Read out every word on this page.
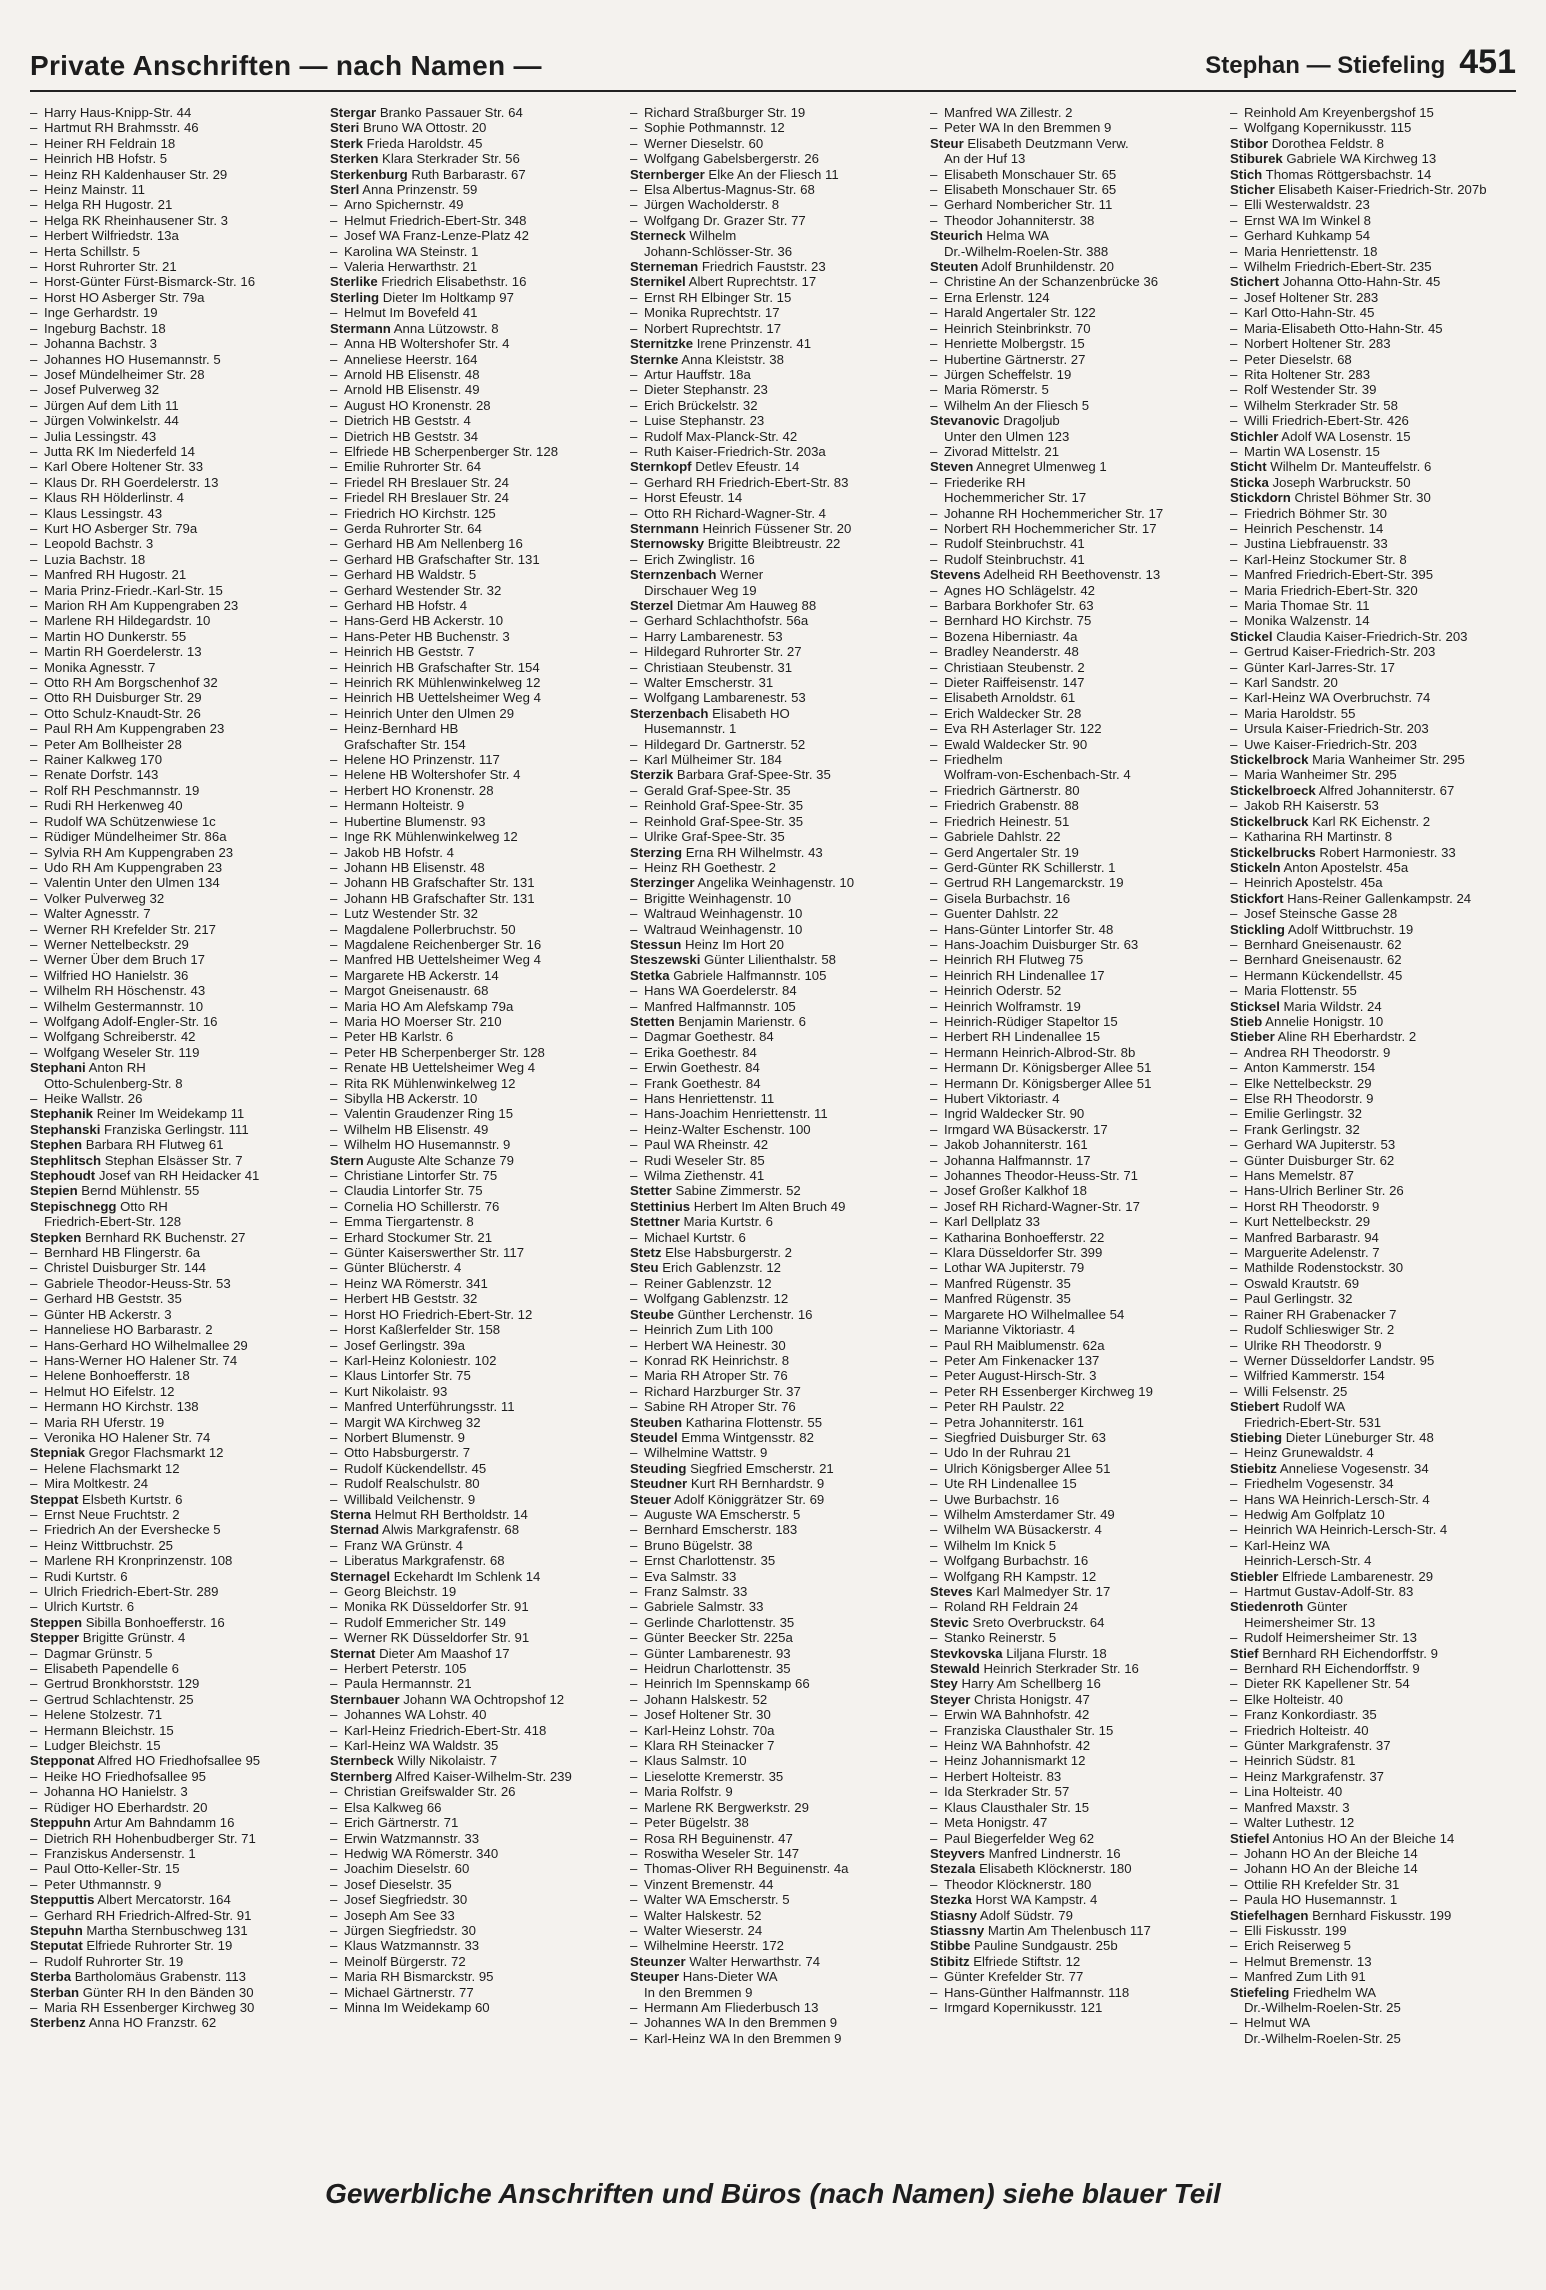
Private Anschriften — nach Namen —	Stephan — Stiefeling 451
– Harry Haus-Knipp-Str. 44
– Hartmut RH Brahmsstr. 46
– Heiner RH Feldrain 18
– Heinrich HB Hofstr. 5
– Heinz RH Kaldenhauser Str. 29
– Heinz Mainstr. 11
– Helga RH Hugostr. 21
– Helga RK Rheinhausener Str. 3
– Herbert Wilfriedstr. 13a
– Herta Schillstr. 5
– Horst Ruhrorter Str. 21
– Horst-Günter Fürst-Bismarck-Str. 16
– Horst HO Asberger Str. 79a
– Inge Gerhardstr. 19
– Ingeburg Bachstr. 18
– Johanna Bachstr. 3
– Johannes HO Husemannstr. 5
– Josef Mündelheimer Str. 28
– Josef Pulverweg 32
– Jürgen Auf dem Lith 11
– Jürgen Volwinkelstr. 44
– Julia Lessingstr. 43
– Jutta RK Im Niederfeld 14
– Karl Obere Holtener Str. 33
– Klaus Dr. RH Goerdelerstr. 13
– Klaus RH Hölderlinstr. 4
– Klaus Lessingstr. 43
– Kurt HO Asberger Str. 79a
– Leopold Bachstr. 3
– Luzia Bachstr. 18
– Manfred RH Hugostr. 21
– Maria Prinz-Friedr.-Karl-Str. 15
– Marion RH Am Kuppengraben 23
– Marlene RH Hildegardstr. 10
– Martin HO Dunkerstr. 55
– Martin RH Goerdelerstr. 13
– Monika Agnesstr. 7
– Otto RH Am Borgschenhof 32
– Otto RH Duisburger Str. 29
– Otto Schulz-Knaudt-Str. 26
– Paul RH Am Kuppengraben 23
– Peter Am Bollheister 28
– Rainer Kalkweg 170
– Renate Dorfstr. 143
– Rolf RH Peschmannstr. 19
– Rudi RH Herkenweg 40
– Rudolf WA Schützenwiese 1c
– Rüdiger Mündelheimer Str. 86a
– Sylvia RH Am Kuppengraben 23
– Udo RH Am Kuppengraben 23
– Valentin Unter den Ulmen 134
– Volker Pulverweg 32
– Walter Agnesstr. 7
– Werner RH Krefelder Str. 217
– Werner Nettelbeckstr. 29
– Werner Über dem Bruch 17
– Wilfried HO Hanielstr. 36
– Wilhelm RH Höschenstr. 43
– Wilhelm Gestermannstr. 10
– Wolfgang Adolf-Engler-Str. 16
– Wolfgang Schreiberstr. 42
– Wolfgang Weseler Str. 119
Stephani Anton RH
Otto-Schulenberg-Str. 8
– Heike Wallstr. 26
Stephanik Reiner Im Weidekamp 11
Stephanski Franziska Gerlingstr. 111
Stephen Barbara RH Flutweg 61
Stephlitsch Stephan Elsässer Str. 7
Stephoudt Josef van RH Heidacker 41
Stepien Bernd Mühlenstr. 55
Stepischnegg Otto RH
Friedrich-Ebert-Str. 128
Stepken Bernhard RK Buchenstr. 27
– Bernhard HB Flingerstr. 6a
– Christel Duisburger Str. 144
– Gabriele Theodor-Heuss-Str. 53
– Gerhard HB Geststr. 35
– Günter HB Ackerstr. 3
– Hanneliese HO Barbarastr. 2
– Hans-Gerhard HO Wilhelmallee 29
– Hans-Werner HO Halener Str. 74
– Helene Bonhoefferstr. 18
– Helmut HO Eifelstr. 12
– Hermann HO Kirchstr. 138
– Maria RH Uferstr. 19
– Veronika HO Halener Str. 74
Stepniak Gregor Flachsmarkt 12
– Helene Flachsmarkt 12
– Mira Moltkestr. 24
Steppat Elsbeth Kurtstr. 6
– Ernst Neue Fruchtstr. 2
– Friedrich An der Eversheckе 5
– Heinz Wittbruchstr. 25
– Marlene RH Kronprinzenstr. 108
– Rudi Kurtstr. 6
– Ulrich Friedrich-Ebert-Str. 289
– Ulrich Kurtstr. 6
Steppen Sibilla Bonhoefferstr. 16
Stepper Brigitte Grünstr. 4
– Dagmar Grünstr. 5
– Elisabeth Papendelle 6
– Gertrud Bronkhorststr. 129
– Gertrud Schlachtenstr. 25
– Helene Stolzestr. 71
– Hermann Bleichstr. 15
– Ludger Bleichstr. 15
Stepponat Alfred HO Friedhofsallee 95
– Heike HO Friedhofsallee 95
– Johanna HO Hanielstr. 3
– Rüdiger HO Eberhardstr. 20
Steppuhn Artur Am Bahndamm 16
– Dietrich RH Hohenbudberger Str. 71
– Franziskus Andersenstr. 1
– Paul Otto-Keller-Str. 15
– Peter Uthmannstr. 9
Stepputtis Albert Mercatorstr. 164
– Gerhard RH Friedrich-Alfred-Str. 91
Stepuhn Martha Sternbuschweg 131
Steputat Elfriede Ruhrorter Str. 19
– Rudolf Ruhrorter Str. 19
Sterba Bartholomäus Grabenstr. 113
Sterban Günter RH In den Bänden 30
– Maria RH Essenberger Kirchweg 30
Sterbenz Anna HO Franzstr. 62
Stergar Branko Passauer Str. 64
Steri Bruno WA Ottostr. 20
Sterk Frieda Haroldstr. 45
Sterken Klara Sterkrader Str. 56
Sterkenburg Ruth Barbarastr. 67
Sterl Anna Prinzenstr. 59
– Arno Spichernstr. 49
– Helmut Friedrich-Ebert-Str. 348
– Josef WA Franz-Lenze-Platz 42
– Karolina WA Steinstr. 1
– Valeria Herwarthstr. 21
Sterlike Friedrich Elisabethstr. 16
Sterling Dieter Im Holtkamp 97
– Helmut Im Bovefeld 41
Stermann Anna Lützowstr. 8
– Anna HB Woltershofer Str. 4
– Anneliese Heerstr. 164
– Arnold HB Elisenstr. 48
– Arnold HB Elisenstr. 49
– August HO Kronenstr. 28
– Dietrich HB Geststr. 4
– Dietrich HB Geststr. 34
– Elfriede HB Scherpenberger Str. 128
– Emilie Ruhrorter Str. 64
– Friedel RH Breslauer Str. 24
– Friedel RH Breslauer Str. 24
– Friedrich HO Kirchstr. 125
– Gerda Ruhrorter Str. 64
– Gerhard HB Am Nellenberg 16
– Gerhard HB Grafschafter Str. 131
– Gerhard HB Waldstr. 5
– Gerhard Westender Str. 32
– Gerhard HB Hofstr. 4
– Hans-Gerd HB Ackerstr. 10
– Hans-Peter HB Buchenstr. 3
– Heinrich HB Geststr. 7
– Heinrich HB Grafschafter Str. 154
– Heinrich RK Mühlenwinkelweg 12
– Heinrich HB Uettelsheimer Weg 4
– Heinrich Unter den Ulmen 29
– Heinz-Bernhard HB
Grafschafter Str. 154
– Helene HO Prinzenstr. 117
– Helene HB Woltershofer Str. 4
– Herbert HO Kronenstr. 28
– Hermann Holteistr. 9
– Hubertine Blumenstr. 93
– Inge RK Mühlenwinkelweg 12
– Jakob HB Hofstr. 4
– Johann HB Elisenstr. 48
– Johann HB Grafschafter Str. 131
– Johann HB Grafschafter Str. 131
– Lutz Westender Str. 32
– Magdalene Pollerbruchstr. 50
– Magdalene Reichenberger Str. 16
– Manfred HB Uettelsheimer Weg 4
– Margarete HB Ackerstr. 14
– Margot Gneisenaustr. 68
– Maria HO Am Alefskamp 79a
– Maria HO Moerser Str. 210
– Peter HB Karlstr. 6
– Peter HB Scherpenberger Str. 128
– Renate HB Uettelsheimer Weg 4
– Rita RK Mühlenwinkelweg 12
– Sibylla HB Ackerstr. 10
– Valentin Graudenzer Ring 15
– Wilhelm HB Elisenstr. 49
– Wilhelm HO Husemannstr. 9
Stern Auguste Alte Schanze 79
– Christiane Lintorfer Str. 75
– Claudia Lintorfer Str. 75
– Cornelia HO Schillerstr. 76
– Emma Tiergartenstr. 8
– Erhard Stockumer Str. 21
– Günter Kaiserswerther Str. 117
– Günter Blücherstr. 4
– Heinz WA Römerstr. 341
– Herbert HB Geststr. 32
– Horst HO Friedrich-Ebert-Str. 12
– Horst Kaßlerfelder Str. 158
– Josef Gerlingstr. 39a
– Karl-Heinz Koloniestr. 102
– Klaus Lintorfer Str. 75
– Kurt Nikolaistr. 93
– Manfred Unterführungsstr. 11
– Margit WA Kirchweg 32
– Norbert Blumenstr. 9
– Otto Habsburgerstr. 7
– Rudolf Kückendellstr. 45
– Rudolf Realschulstr. 80
– Willibald Veilchenstr. 9
Sterna Helmut RH Bertholdstr. 14
Sternad Alwis Markgrafenstr. 68
– Franz WA Grünstr. 4
– Liberatus Markgrafenstr. 68
Sternagel Eckehardt Im Schlenk 14
– Georg Bleichstr. 19
– Monika RK Düsseldorfer Str. 91
– Rudolf Emmericher Str. 149
– Werner RK Düsseldorfer Str. 91
Sternat Dieter Am Maashof 17
– Herbert Peterstr. 105
– Paula Hermannstr. 21
Sternbauer Johann WA Ochtropshof 12
– Johannes WA Lohstr. 40
– Karl-Heinz Friedrich-Ebert-Str. 418
– Karl-Heinz WA Waldstr. 35
Sternbeck Willy Nikolaistr. 7
Sternberg Alfred Kaiser-Wilhelm-Str. 239
– Christian Greifswalder Str. 26
– Elsa Kalkweg 66
– Erich Gärtnerstr. 71
– Erwin Watzmannstr. 33
– Hedwig WA Römerstr. 340
– Joachim Dieselstr. 60
– Josef Dieselstr. 35
– Josef Siegfriedstr. 30
– Joseph Am See 33
– Jürgen Siegfriedstr. 30
– Klaus Watzmannstr. 33
– Meinolf Bürgerstr. 72
– Maria RH Bismarckstr. 95
– Michael Gärtnerstr. 77
– Minna Im Weidekamp 60
– Richard Straßburger Str. 19
– Sophie Pothmannstr. 12
– Werner Dieselstr. 60
– Wolfgang Gabelsbergerstr. 26
Sternberger Elke An der Fliesch 11
– Elsa Albertus-Magnus-Str. 68
– Jürgen Wacholderstr. 8
– Wolfgang Dr. Grazer Str. 77
Sterneck Wilhelm
Johann-Schlösser-Str. 36
Sterneman Friedrich Fauststr. 23
Sternikel Albert Ruprechtstr. 17
– Ernst RH Elbinger Str. 15
– Monika Ruprechtstr. 17
– Norbert Ruprechtstr. 17
Sternitzke Irene Prinzenstr. 41
Sternke Anna Kleiststr. 38
– Artur Hauffstr. 18a
– Dieter Stephanstr. 23
– Erich Brückelstr. 32
– Luise Stephanstr. 23
– Rudolf Max-Planck-Str. 42
– Ruth Kaiser-Friedrich-Str. 203a
Sternkopf Detlev Efeustr. 14
– Gerhard RH Friedrich-Ebert-Str. 83
– Horst Efeustr. 14
– Otto RH Richard-Wagner-Str. 4
Sternmann Heinrich Füssener Str. 20
Sternowsky Brigitte Bleibtreustr. 22
– Erich Zwinglistr. 16
Sternzenbach Werner
Dirschauer Weg 19
Sterzel Dietmar Am Hauweg 88
– Gerhard Schlachthofstr. 56a
– Harry Lambarenestr. 53
– Hildegard Ruhrorter Str. 27
– Christiaan Steubenstr. 31
– Walter Emscherstr. 31
– Wolfgang Lambarenestr. 53
Sterzenbach Elisabeth HO
Husemannstr. 1
– Hildegard Dr. Gartnerstr. 52
– Karl Mülheimer Str. 184
Sterzik Barbara Graf-Spee-Str. 35
– Gerald Graf-Spee-Str. 35
– Reinhold Graf-Spee-Str. 35
– Reinhold Graf-Spee-Str. 35
– Ulrike Graf-Spee-Str. 35
Sterzing Erna RH Wilhelmstr. 43
– Heinz RH Goethestr. 2
Sterzinger Angelika Weinhagenstr. 10
– Brigitte Weinhagenstr. 10
– Waltraud Weinhagenstr. 10
– Waltraud Weinhagenstr. 10
Stessun Heinz Im Hort 20
Steszewski Günter Lilienthalstr. 58
Stetka Gabriele Halfmannstr. 105
– Hans WA Goerdelerstr. 84
– Manfred Halfmannstr. 105
Stetten Benjamin Marienstr. 6
– Dagmar Goethestr. 84
– Erika Goethestr. 84
– Erwin Goethestr. 84
– Frank Goethestr. 84
– Hans Henriettenstr. 11
– Hans-Joachim Henriettenstr. 11
– Heinz-Walter Eschenstr. 100
– Paul WA Rheinstr. 42
– Rudi Weseler Str. 85
– Wilma Ziethenstr. 41
Stetter Sabine Zimmerstr. 52
Stettinius Herbert Im Alten Bruch 49
Stettner Maria Kurtstr. 6
– Michael Kurtstr. 6
Stetz Else Habsburgerstr. 2
Steu Erich Gablenzstr. 12
– Reiner Gablenzstr. 12
– Wolfgang Gablenzstr. 12
Steube Günther Lerchenstr. 16
– Heinrich Zum Lith 100
– Herbert WA Heinestr. 30
– Konrad RK Heinrichstr. 8
– Maria RH Atroper Str. 76
– Richard Harzburger Str. 37
– Sabine RH Atroper Str. 76
Steuben Katharina Flottenstr. 55
Steudel Emma Wintgensstr. 82
– Wilhelmine Wattstr. 9
Steuding Siegfried Emscherstr. 21
Steudner Kurt RH Bernhardstr. 9
Steuer Adolf Königgrätzer Str. 69
– Auguste WA Emscherstr. 5
– Bernhard Emscherstr. 183
– Bruno Bügelstr. 38
– Ernst Charlottenstr. 35
– Eva Salmstr. 33
– Franz Salmstr. 33
– Gabriele Salmstr. 33
– Gerlinde Charlottenstr. 35
– Günter Beecker Str. 225a
– Günter Lambarenestr. 93
– Heidrun Charlottenstr. 35
– Heinrich Im Spennskamp 66
– Johann Halskestr. 52
– Josef Holtener Str. 30
– Karl-Heinz Lohstr. 70a
– Klara RH Steinacker 7
– Klaus Salmstr. 10
– Lieselotte Kremerstr. 35
– Maria Rolfstr. 9
– Marlene RK Bergwerkstr. 29
– Peter Bügelstr. 38
– Rosa RH Beguinenstr. 47
– Roswitha Weseler Str. 147
– Thomas-Oliver RH Beguinenstr. 4a
– Vinzent Bremenstr. 44
– Walter WA Emscherstr. 5
– Walter Halskestr. 52
– Walter Wieserstr. 24
– Wilhelmine Heerstr. 172
Steunzer Walter Herwarthstr. 74
Steuper Hans-Dieter WA
In den Bremmen 9
– Hermann Am Fliederbusch 13
– Johannes WA In den Bremmen 9
– Karl-Heinz WA In den Bremmen 9
– Manfred WA Zillestr. 2
– Peter WA In den Bremmen 9
Steur Elisabeth Deutzmann Verw.
An der Huf 13
– Elisabeth Monschauer Str. 65
– Elisabeth Monschauer Str. 65
– Gerhard Nombericher Str. 11
– Theodor Johanniterstr. 38
Steurich Helma WA
Dr.-Wilhelm-Roelen-Str. 388
Steuten Adolf Brunhildenstr. 20
– Christine An der Schanzenbrücke 36
– Erna Erlenstr. 124
– Harald Angertaler Str. 122
– Heinrich Steinbrinkstr. 70
– Henriette Molbergstr. 15
– Hubertine Gärtnerstr. 27
– Jürgen Scheffelstr. 19
– Maria Römerstr. 5
– Wilhelm An der Fliesch 5
Stevanovic Dragoljub
Unter den Ulmen 123
– Zivorad Mittelstr. 21
Steven Annegret Ulmenweg 1
– Friederike RH
Hochemmericher Str. 17
– Johanne RH Hochemmericher Str. 17
– Norbert RH Hochemmericher Str. 17
– Rudolf Steinbruchstr. 41
– Rudolf Steinbruchstr. 41
Stevens Adelheid RH Beethovenstr. 13
– Agnes HO Schlägelstr. 42
– Barbara Borkhofer Str. 63
– Bernhard HO Kirchstr. 75
– Bozena Hiberniastr. 4a
– Bradley Neanderstr. 48
– Christiaan Steubenstr. 2
– Dieter Raiffeisenstr. 147
– Elisabeth Arnoldstr. 61
– Erich Waldecker Str. 28
– Eva RH Asterlager Str. 122
– Ewald Waldecker Str. 90
– Friedhelm
Wolfram-von-Eschenbach-Str. 4
– Friedrich Gärtnerstr. 80
– Friedrich Grabenstr. 88
– Friedrich Heinestr. 51
– Gabriele Dahlstr. 22
– Gerd Angertaler Str. 19
– Gerd-Günter RK Schillerstr. 1
– Gertrud RH Langemarckstr. 19
– Gisela Burbachstr. 16
– Guenter Dahlstr. 22
– Hans-Günter Lintorfer Str. 48
– Hans-Joachim Duisburger Str. 63
– Heinrich RH Flutweg 75
– Heinrich RH Lindenallee 17
– Heinrich Oderstr. 52
– Heinrich Wolframstr. 19
– Heinrich-Rüdiger Stapeltor 15
– Herbert RH Lindenallee 15
– Hermann Heinrich-Albrod-Str. 8b
– Hermann Dr. Königsberger Allee 51
– Hermann Dr. Königsberger Allee 51
– Hubert Viktoriastr. 4
– Ingrid Waldecker Str. 90
– Irmgard WA Büsackerstr. 17
– Jakob Johanniterstr. 161
– Johanna Halfmannstr. 17
– Johannes Theodor-Heuss-Str. 71
– Josef Großer Kalkhof 18
– Josef RH Richard-Wagner-Str. 17
– Karl Dellplatz 33
– Katharina Bonhoefferstr. 22
– Klara Düsseldorfer Str. 399
– Lothar WA Jupiterstr. 79
– Manfred Rügenstr. 35
– Manfred Rügenstr. 35
– Margarete HO Wilhelmallee 54
– Marianne Viktoriastr. 4
– Paul RH Maiblumenstr. 62a
– Peter Am Finkenacker 137
– Peter August-Hirsch-Str. 3
– Peter RH Essenberger Kirchweg 19
– Peter RH Paulstr. 22
– Petra Johanniterstr. 161
– Siegfried Duisburger Str. 63
– Udo In der Ruhrau 21
– Ulrich Königsberger Allee 51
– Ute RH Lindenallee 15
– Uwe Burbachstr. 16
– Wilhelm Amsterdamer Str. 49
– Wilhelm WA Büsackerstr. 4
– Wilhelm Im Knick 5
– Wolfgang Burbachstr. 16
– Wolfgang RH Kampstr. 12
Steves Karl Malmedyer Str. 17
– Roland RH Feldrain 24
Stevic Sreto Overbruckstr. 64
– Stanko Reinerstr. 5
Stevkovska Liljana Flurstr. 18
Stewald Heinrich Sterkrader Str. 16
Stey Harry Am Schellberg 16
Steyer Christa Honigstr. 47
– Erwin WA Bahnhofstr. 42
– Franziska Clausthaler Str. 15
– Heinz WA Bahnhofstr. 42
– Heinz Johannismarkt 12
– Herbert Holteistr. 83
– Ida Sterkrader Str. 57
– Klaus Clausthaler Str. 15
– Meta Honigstr. 47
– Paul Biegerfelder Weg 62
Steyvers Manfred Lindnerstr. 16
Stezala Elisabeth Klöcknerstr. 180
– Theodor Klöcknerstr. 180
Stezka Horst WA Kampstr. 4
Stiasny Adolf Südstr. 79
Stiassny Martin Am Thelenbusch 117
Stibbe Pauline Sundgaustr. 25b
Stibitz Elfriede Stiftstr. 12
– Günter Krefelder Str. 77
– Hans-Günther Halfmannstr. 118
– Irmgard Kopernikusstr. 121
– Reinhold Am Kreyenbergshof 15
– Wolfgang Kopernikusstr. 115
Stibor Dorothea Feldstr. 8
Stiburek Gabriele WA Kirchweg 13
Stich Thomas Röttgersbachstr. 14
Sticher Elisabeth Kaiser-Friedrich-Str. 207b
– Elli Westerwaldstr. 23
– Ernst WA Im Winkel 8
– Gerhard Kuhkamp 54
– Maria Henriettenstr. 18
– Wilhelm Friedrich-Ebert-Str. 235
Stichert Johanna Otto-Hahn-Str. 45
– Josef Holtener Str. 283
– Karl Otto-Hahn-Str. 45
– Maria-Elisabeth Otto-Hahn-Str. 45
– Norbert Holtener Str. 283
– Peter Dieselstr. 68
– Rita Holtener Str. 283
– Rolf Westender Str. 39
– Wilhelm Sterkrader Str. 58
– Willi Friedrich-Ebert-Str. 426
Stichler Adolf WA Losenstr. 15
– Martin WA Losenstr. 15
Sticht Wilhelm Dr. Manteuffelstr. 6
Sticka Joseph Warbruckstr. 50
Stickdorn Christel Böhmer Str. 30
– Friedrich Böhmer Str. 30
– Heinrich Peschenstr. 14
– Justina Liebfrauenstr. 33
– Karl-Heinz Stockumer Str. 8
– Manfred Friedrich-Ebert-Str. 395
– Maria Friedrich-Ebert-Str. 320
– Maria Thomae Str. 11
– Monika Walzenstr. 14
Stickel Claudia Kaiser-Friedrich-Str. 203
– Gertrud Kaiser-Friedrich-Str. 203
– Günter Karl-Jarres-Str. 17
– Karl Sandstr. 20
– Karl-Heinz WA Overbruchstr. 74
– Maria Haroldstr. 55
– Ursula Kaiser-Friedrich-Str. 203
– Uwe Kaiser-Friedrich-Str. 203
Stickelbrock Maria Wanheimer Str. 295
– Maria Wanheimer Str. 295
Stickelbroeck Alfred Johanniterstr. 67
– Jakob RH Kaiserstr. 53
Stickelbruck Karl RK Eichenstr. 2
– Katharina RH Martinstr. 8
Stickelbrucks Robert Harmoniestr. 33
Stickeln Anton Apostelstr. 45a
– Heinrich Apostelstr. 45a
Stickfort Hans-Reiner Gallenkampstr. 24
– Josef Steinsche Gasse 28
Stickling Adolf Wittbruchstr. 19
– Bernhard Gneisenaustr. 62
– Bernhard Gneisenaustr. 62
– Hermann Kückendellstr. 45
– Maria Flottenstr. 55
Sticksel Maria Wildstr. 24
Stieb Annelie Honigstr. 10
Stieber Aline RH Eberhardstr. 2
– Andrea RH Theodorstr. 9
– Anton Kammerstr. 154
– Elke Nettelbeckstr. 29
– Else RH Theodorstr. 9
– Emilie Gerlingstr. 32
– Frank Gerlingstr. 32
– Gerhard WA Jupiterstr. 53
– Günter Duisburger Str. 62
– Hans Memelstr. 87
– Hans-Ulrich Berliner Str. 26
– Horst RH Theodorstr. 9
– Kurt Nettelbeckstr. 29
– Manfred Barbarastr. 94
– Marguerite Adelenstr. 7
– Mathilde Rodenstockstr. 30
– Oswald Krautstr. 69
– Paul Gerlingstr. 32
– Rainer RH Grabenacker 7
– Rudolf Schlieswiger Str. 2
– Ulrike RH Theodorstr. 9
– Werner Düsseldorfer Landstr. 95
– Wilfried Kammerstr. 154
– Willi Felsenstr. 25
Stiebert Rudolf WA
Friedrich-Ebert-Str. 531
Stiebing Dieter Lüneburger Str. 48
– Heinz Grunewaldstr. 4
Stiebitz Anneliese Vogesenstr. 34
– Friedhelm Vogesenstr. 34
– Hans WA Heinrich-Lersch-Str. 4
– Hedwig Am Golfplatz 10
– Heinrich WA Heinrich-Lersch-Str. 4
– Karl-Heinz WA
Heinrich-Lersch-Str. 4
Stiebler Elfriede Lambarenestr. 29
– Hartmut Gustav-Adolf-Str. 83
Stiedenroth Günter
Heimersheimer Str. 13
– Rudolf Heimersheimer Str. 13
Stief Bernhard RH Eichendorffstr. 9
– Bernhard RH Eichendorffstr. 9
– Dieter RK Kapellener Str. 54
– Elke Holteistr. 40
– Franz Konkordiastr. 35
– Friedrich Holteistr. 40
– Günter Markgrafenstr. 37
– Heinrich Südstr. 81
– Heinz Markgrafenstr. 37
– Lina Holteistr. 40
– Manfred Maxstr. 3
– Walter Luthestr. 12
Stiefel Antonius HO An der Bleiche 14
– Johann HO An der Bleiche 14
– Johann HO An der Bleiche 14
– Ottilie RH Krefelder Str. 31
– Paula HO Husemannstr. 1
Stiefelhagen Bernhard Fiskusstr. 199
– Elli Fiskusstr. 199
– Erich Reiserweg 5
– Helmut Bremenstr. 13
– Manfred Zum Lith 91
Stiefeling Friedhelm WA
Dr.-Wilhelm-Roelen-Str. 25
– Helmut WA
Dr.-Wilhelm-Roelen-Str. 25
Gewerbliche Anschriften und Büros (nach Namen) siehe blauer Teil
